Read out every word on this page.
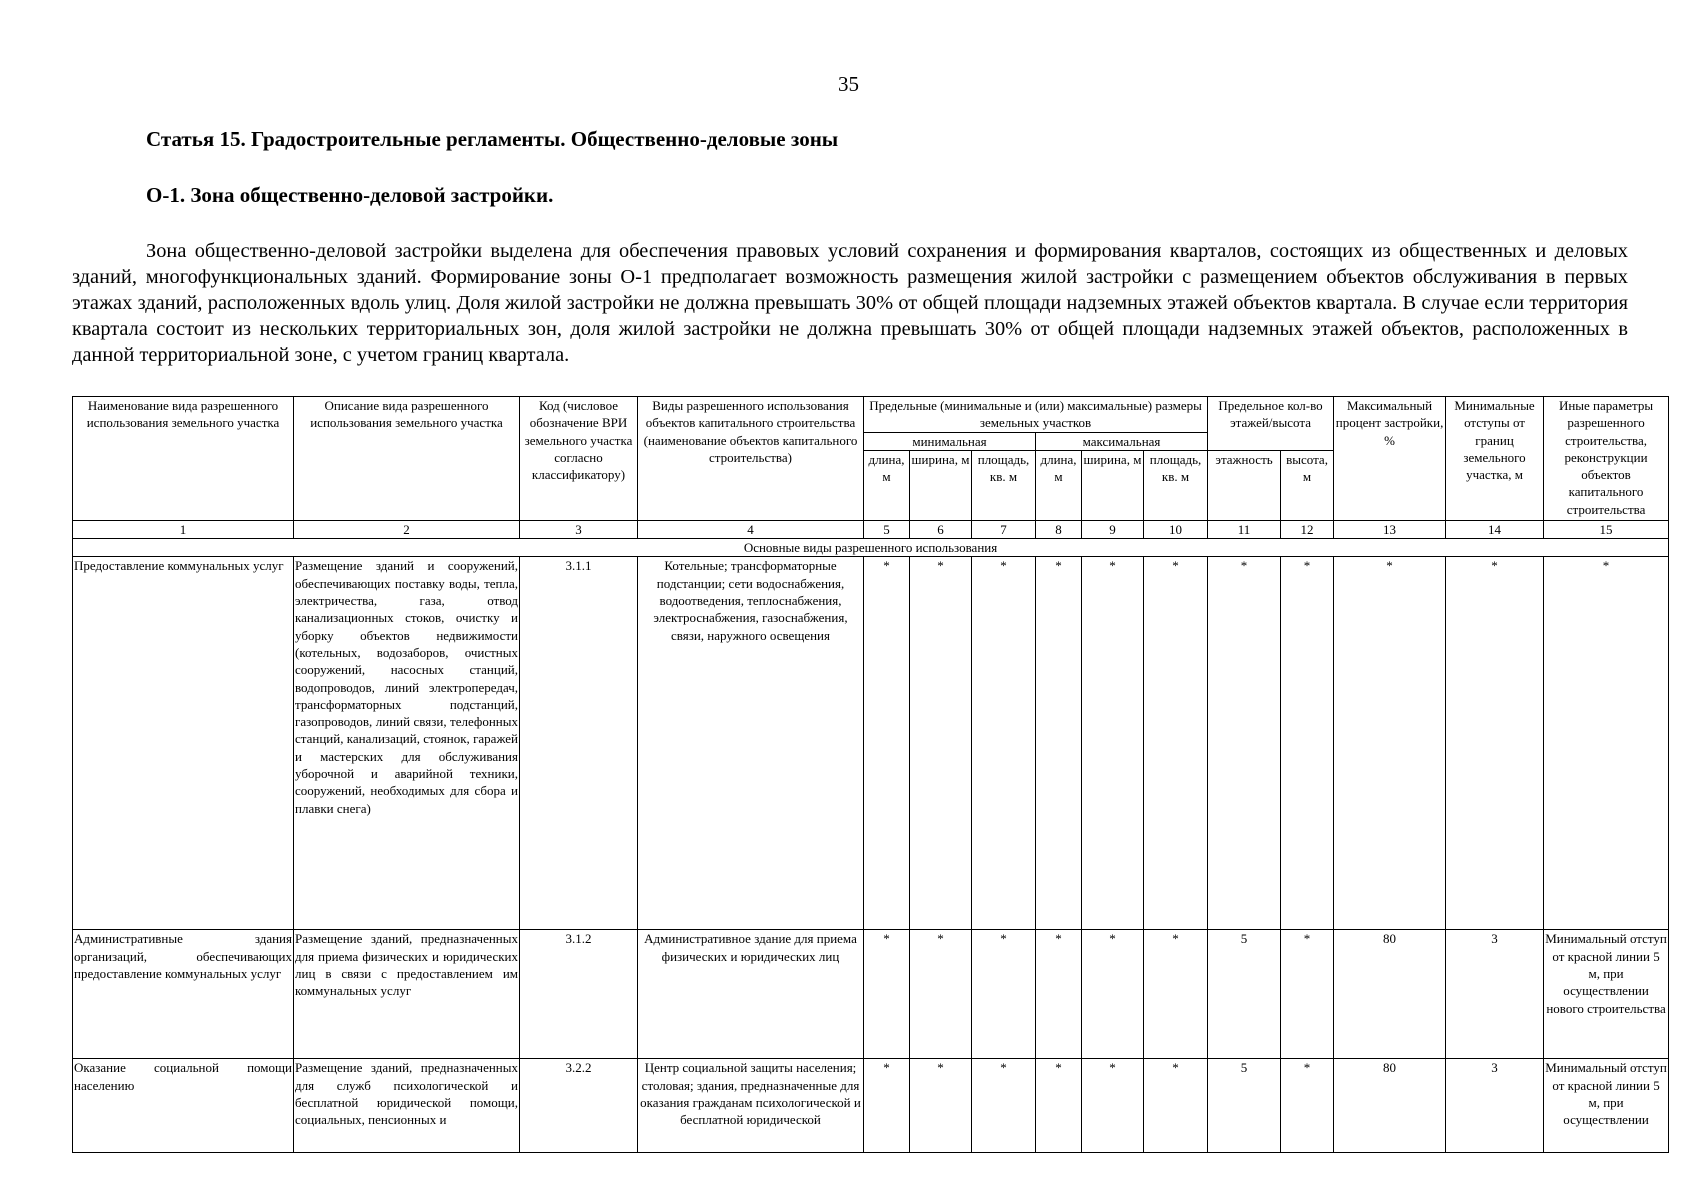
35
Статья 15. Градостроительные регламенты. Общественно-деловые зоны
О-1. Зона общественно-деловой застройки.

Зона общественно-деловой застройки выделена для обеспечения правовых условий сохранения и формирования кварталов, состоящих из общественных и деловых зданий, многофункциональных зданий. Формирование зоны О-1 предполагает возможность размещения жилой застройки с размещением объектов обслуживания в первых этажах зданий, расположенных вдоль улиц. Доля жилой застройки не должна превышать 30% от общей площади надземных этажей объектов квартала. В случае если территория квартала состоит из нескольких территориальных зон, доля жилой застройки не должна превышать 30% от общей площади надземных этажей объектов, расположенных в данной территориальной зоне, с учетом границ квартала.

Наименование вида разрешенного использования земельного участка	Описание вида разрешенного использования земельного участка	Код (числовое обозначение ВРИ земельного участка согласно классификатору)	Виды разрешенного использования объектов капитального строительства (наименование объектов капитального строительства)	Предельные (минимальные и (или) максимальные) размеры земельных участков						Предельное кол-во этажей/высота		Максимальный процент застройки, %	Минимальные отступы от границ земельного участка, м	Иные параметры разрешенного строительства, реконструкции объектов капитального строительства

				минимальная			максимальная							
				длина, м	ширина, м	площадь, кв. м	длина, м	ширина, м	площадь, кв. м	этажность	высота, м			
1	2	3	4	5	6	7	8	9	10	11	12	13	14	15
Основные виды разрешенного использования														
Предоставление коммунальных услуг	Размещение зданий и сооружений, обеспечивающих поставку воды, тепла, электричества, газа, отвод канализационных стоков, очистку и уборку объектов недвижимости (котельных, водозаборов, очистных сооружений, насосных станций, водопроводов, линий электропередач, трансформаторных подстанций, газопроводов, линий связи, телефонных станций, канализаций, стоянок, гаражей и мастерских для обслуживания уборочной и аварийной техники, сооружений, необходимых для сбора и плавки снега)	3.1.1	Котельные; трансформаторные подстанции; сети водоснабжения, водоотведения, теплоснабжения, электроснабжения, газоснабжения, связи, наружного освещения	*	*	*	*	*	*	*	*	*	*	*
Административные здания организаций, обеспечивающих предоставление коммунальных услуг	Размещение зданий, предназначенных для приема физических и юридических лиц в связи с предоставлением им коммунальных услуг	3.1.2	Административное здание для приема физических и юридических лиц	*	*	*	*	*	*	5	*	80	3	Минимальный отступ от красной линии 5 м, при осуществлении нового строительства
Оказание социальной помощи населению	Размещение зданий, предназначенных для служб психологической и бесплатной юридической помощи, социальных, пенсионных и	3.2.2	Центр социальной защиты населения; столовая; здания, предназначенные для оказания гражданам психологической и бесплатной юридической	*	*	*	*	*	*	5	*	80	3	Минимальный отступ от красной линии 5 м, при осуществлении
